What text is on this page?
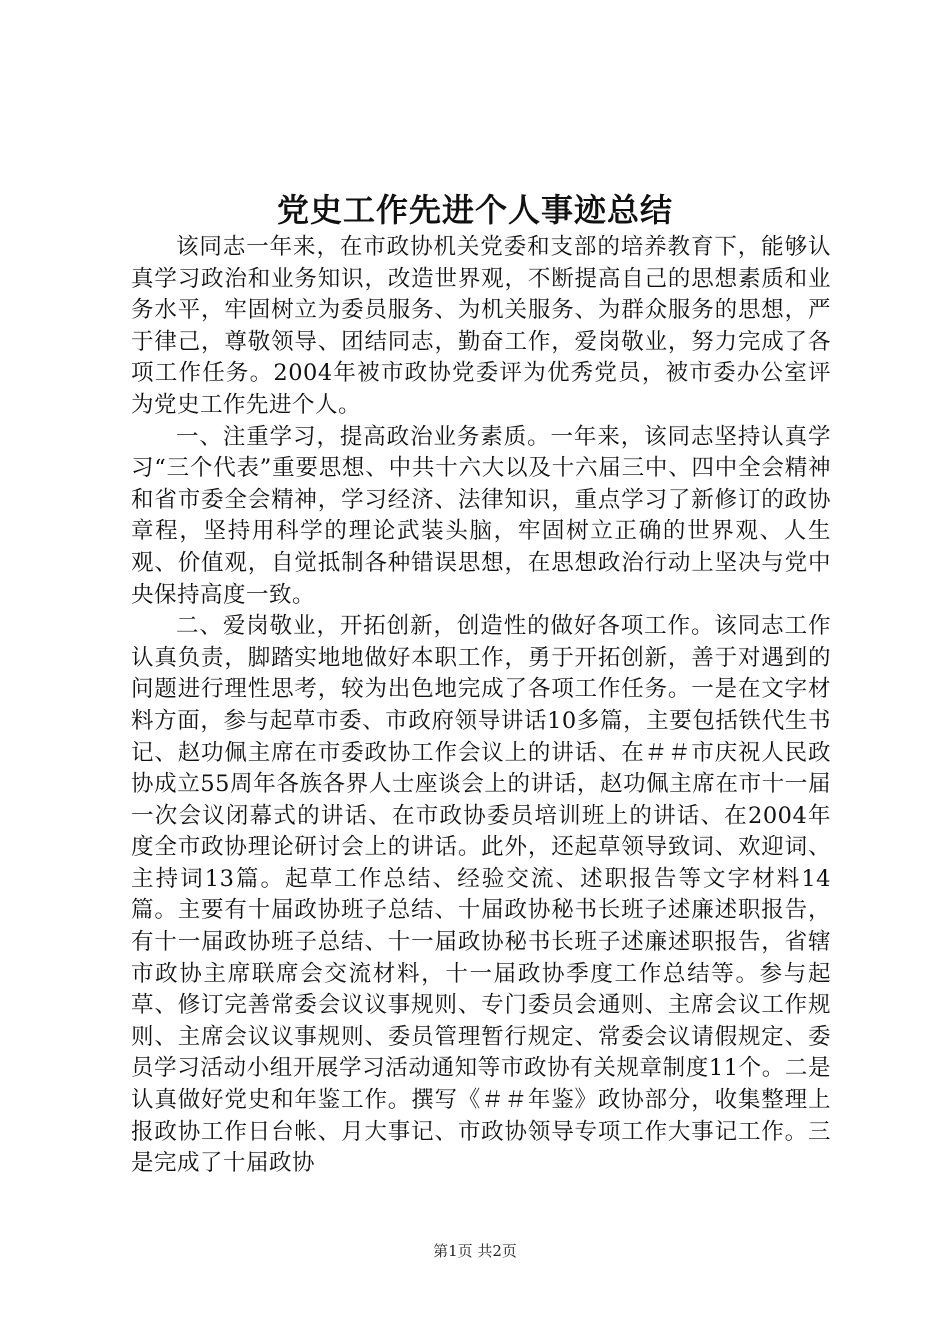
党史工作先进个人事迹总结

该同志一年来，在市政协机关党委和支部的培养教育下，能够认真学习政治和业务知识，改造世界观，不断提高自己的思想素质和业务水平，牢固树立为委员服务、为机关服务、为群众服务的思想，严于律己，尊敬领导、团结同志，勤奋工作，爱岗敬业，努力完成了各项工作任务。2004年被市政协党委评为优秀党员，被市委办公室评为党史工作先进个人。

一、注重学习，提高政治业务素质。一年来，该同志坚持认真学习“三个代表”重要思想、中共十六大以及十六届三中、四中全会精神和省市委全会精神，学习经济、法律知识，重点学习了新修订的政协章程，坚持用科学的理论武装头脑，牢固树立正确的世界观、人生观、价值观，自觉抵制各种错误思想，在思想政治行动上坚决与党中央保持高度一致。

二、爱岗敬业，开拓创新，创造性的做好各项工作。该同志工作认真负责，脚踏实地地做好本职工作，勇于开拓创新，善于对遇到的问题进行理性思考，较为出色地完成了各项工作任务。一是在文字材料方面，参与起草市委、市政府领导讲话10多篇，主要包括铁代生书记、赵功佩主席在市委政协工作会议上的讲话、在＃＃市庆祝人民政协成立55周年各族各界人士座谈会上的讲话，赵功佩主席在市十一届一次会议闭幕式的讲话、在市政协委员培训班上的讲话、在2004年度全市政协理论研讨会上的讲话。此外，还起草领导致词、欢迎词、主持词13篇。起草工作总结、经验交流、述职报告等文字材料14篇。主要有十届政协班子总结、十届政协秘书长班子述廉述职报告，有十一届政协班子总结、十一届政协秘书长班子述廉述职报告，省辖市政协主席联席会交流材料，十一届政协季度工作总结等。参与起草、修订完善常委会议议事规则、专门委员会通则、主席会议工作规则、主席会议议事规则、委员管理暂行规定、常委会议请假规定、委员学习活动小组开展学习活动通知等市政协有关规章制度11个。二是认真做好党史和年鉴工作。撰写《＃＃年鉴》政协部分，收集整理上报政协工作日台帐、月大事记、市政协领导专项工作大事记工作。三是完成了十届政协

第1页 共2页
